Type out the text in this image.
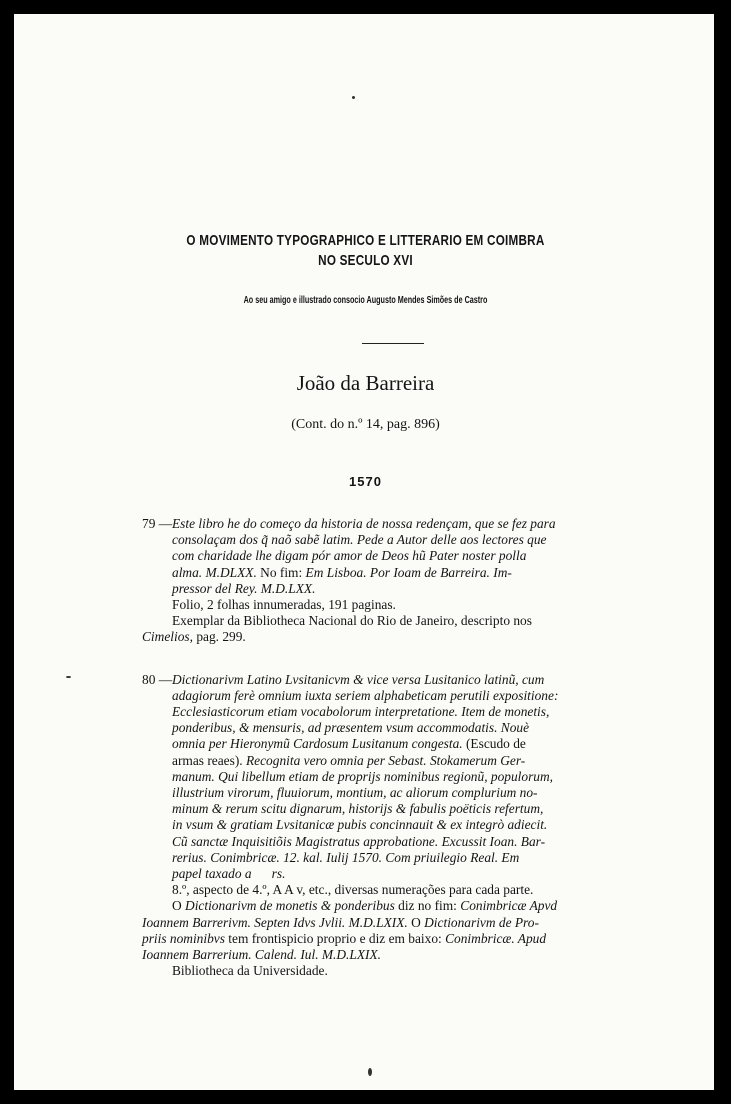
O MOVIMENTO TYPOGRAPHICO E LITTERARIO EM COIMBRA
NO SECULO XVI
Ao seu amigo e illustrado consocio Augusto Mendes Simões de Castro
João da Barreira
(Cont. do n.º 14, pag. 896)
1570
79 — Este libro he do começo da historia de nossa redençam, que se fez para
consolaçam dos q̃ naõ sabẽ latim. Pede a Autor delle aos lectores que
com charidade lhe digam pór amor de Deos hũ Pater noster polla
alma. M.DLXX. No fim: Em Lisboa. Por Ioam de Barreira. Im-
pressor del Rey. M.D.LXX.
Folio, 2 folhas innumeradas, 191 paginas.
Exemplar da Bibliotheca Nacional do Rio de Janeiro, descripto nos
Cimelios, pag. 299.
80 — Dictionarivm Latino Lvsitanicvm & vice versa Lusitanico latinũ, cum
adagiorum ferè omnium iuxta seriem alphabeticam perutili expositione:
Ecclesiasticorum etiam vocabolorum interpretatione. Item de monetis,
ponderibus, & mensuris, ad præsentem vsum accommodatis. Nouè
omnia per Hieronymũ Cardosum Lusitanum congesta. (Escudo de
armas reaes). Recognita vero omnia per Sebast. Stokamerum Ger-
manum. Qui libellum etiam de proprijs nominibus regionũ, populorum,
illustrium virorum, fluuiorum, montium, ac aliorum complurium no-
minum & rerum scitu dignarum, historijs & fabulis poëticis refertum,
in vsum & gratiam Lvsitanicæ pubis concinnauit & ex integrò adiecit.
Cũ sanctæ Inquisitiõis Magistratus approbatione. Excussit Ioan. Bar-
rerius. Conimbricæ. 12. kal. Iulij 1570. Com priuilegio Real. Em
papel taxado a      rs.
8.º, aspecto de 4.º, A A v, etc., diversas numerações para cada parte.
O Dictionarivm de monetis & ponderibus diz no fim: Conimbricæ Apvd
Ioannem Barrerivm. Septen Idvs Jvlii. M.D.LXIX. O Dictionarivm de Pro-
priis nominibvs tem frontispicio proprio e diz em baixo: Conimbricæ. Apud
Ioannem Barrerium. Calend. Iul. M.D.LXIX.
Bibliotheca da Universidade.
